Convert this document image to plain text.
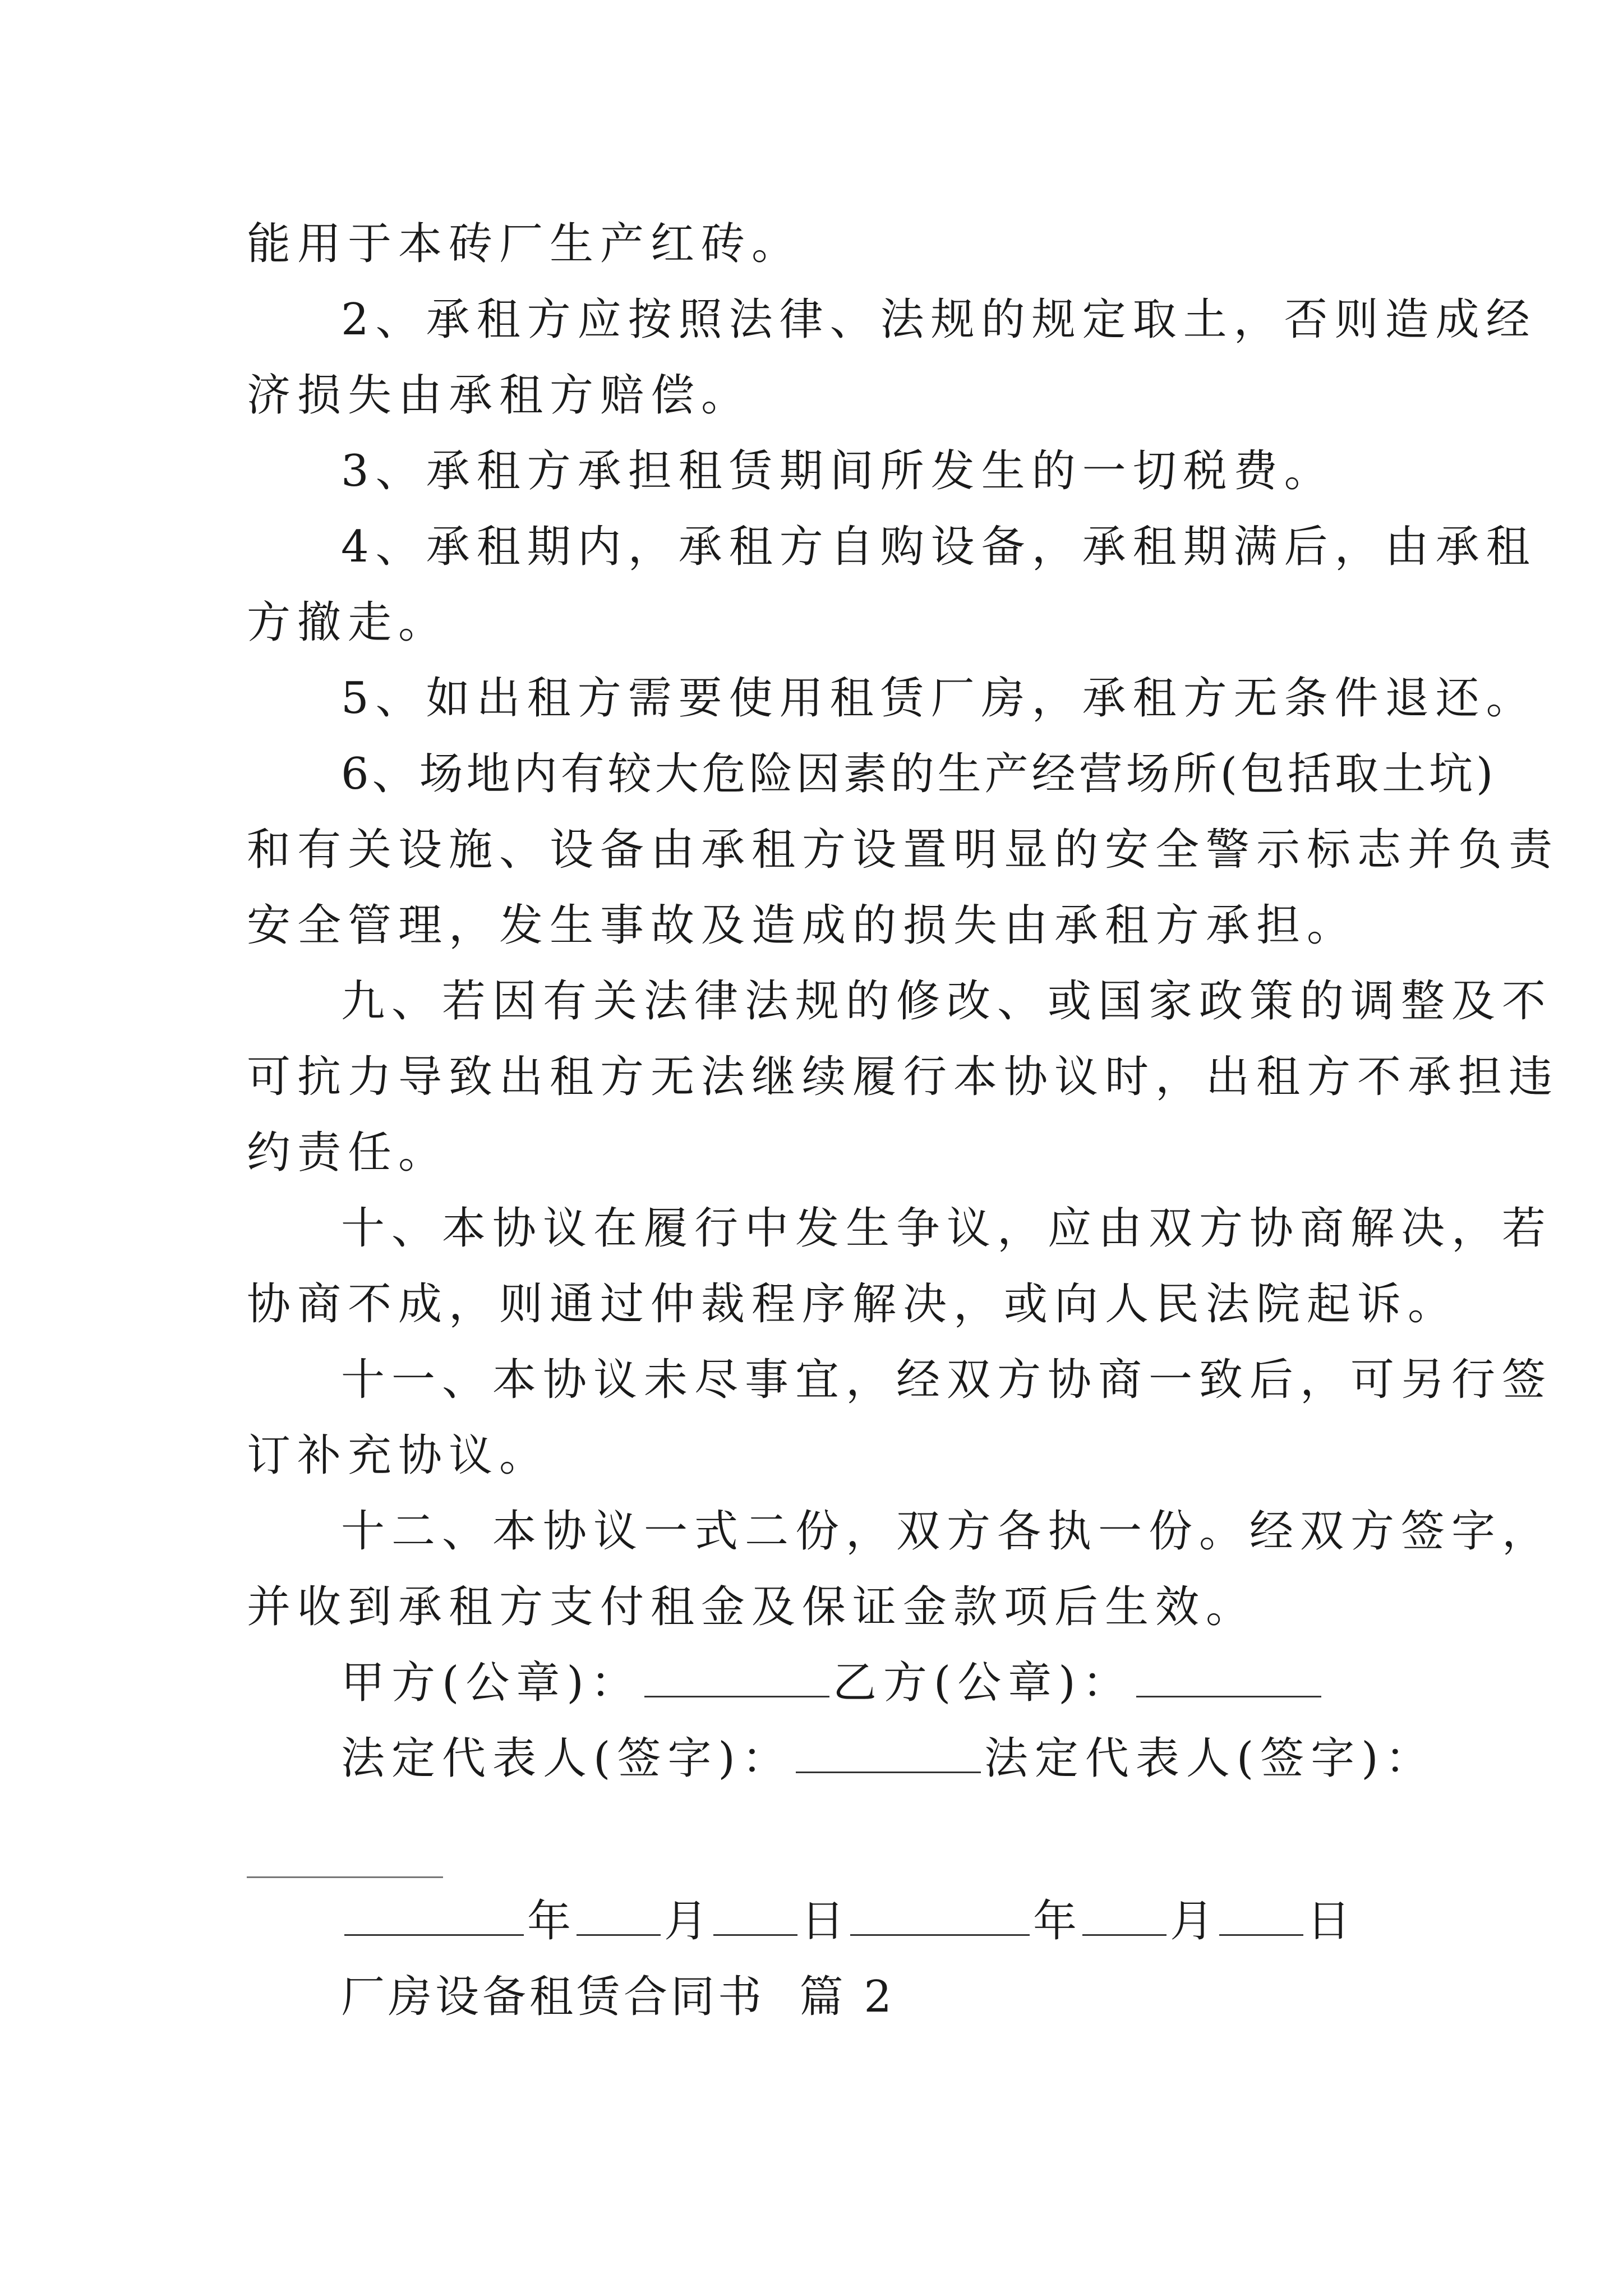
能用于本砖厂生产红砖。
2、承租方应按照法律、法规的规定取土，否则造成经
济损失由承租方赔偿。
3、承租方承担租赁期间所发生的一切税费。
4、承租期内，承租方自购设备，承租期满后，由承租
方撤走。
5、如出租方需要使用租赁厂房，承租方无条件退还。
6、场地内有较大危险因素的生产经营场所(包括取土坑)
和有关设施、设备由承租方设置明显的安全警示标志并负责
安全管理，发生事故及造成的损失由承租方承担。
九、若因有关法律法规的修改、或国家政策的调整及不
可抗力导致出租方无法继续履行本协议时，出租方不承担违
约责任。
十、本协议在履行中发生争议，应由双方协商解决，若
协商不成，则通过仲裁程序解决，或向人民法院起诉。
十一、本协议未尽事宜，经双方协商一致后，可另行签
订补充协议。
十二、本协议一式二份，双方各执一份。经双方签字，
并收到承租方支付租金及保证金款项后生效。
甲方(公章)：	乙方(公章)：
法定代表人(签字)：	法定代表人(签字)：
年 月 日	年 月 日
厂房设备租赁合同书  篇 2
